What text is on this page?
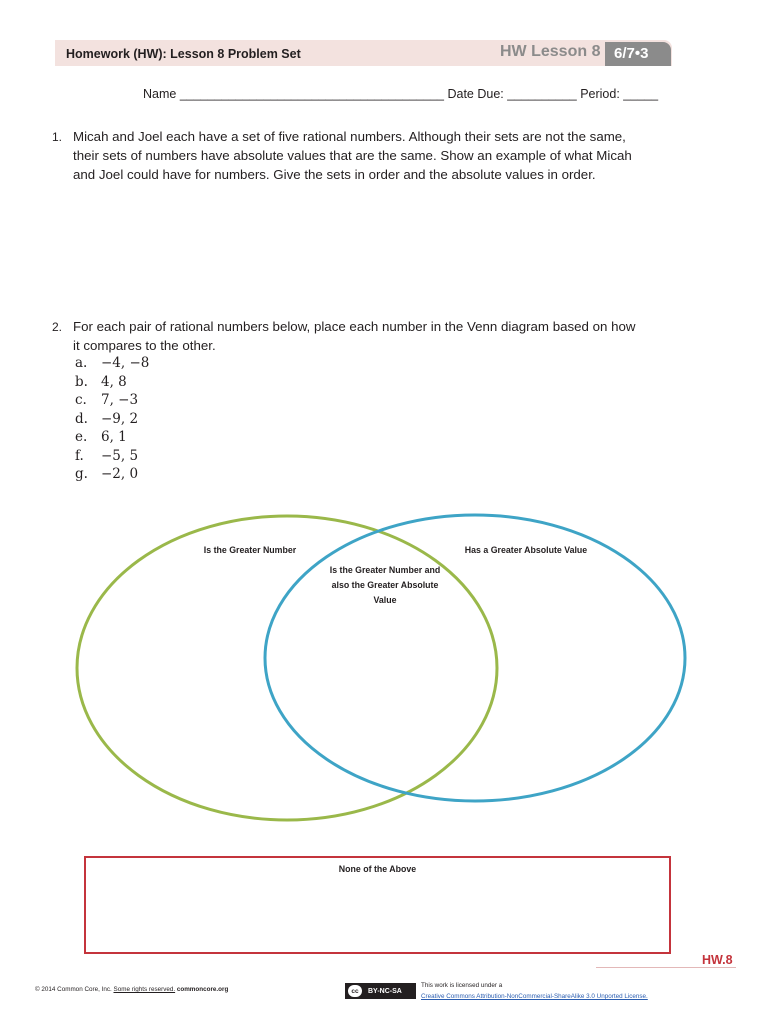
Homework (HW): Lesson 8 Problem Set	HW Lesson 8 6/7•3
Name ______________________________________ Date Due: __________ Period: _____
1. Micah and Joel each have a set of five rational numbers. Although their sets are not the same,
their sets of numbers have absolute values that are the same. Show an example of what Micah
and Joel could have for numbers. Give the sets in order and the absolute values in order.
2. For each pair of rational numbers below, place each number in the Venn diagram based on how
it compares to the other.
a.	−4, −8
b. 4, 8
c.	7, −3
d. −9, 2
e.	6, 1
f.	−5, 5
g. −2, 0
Is the Greater Number	Has a Greater Absolute Value
Is the Greater Number and
also the Greater Absolute
Value
None of the Above
HW.8
© 2014 Common Core, Inc. Some rights reserved. commoncore.org	cc	BY-NC-SA
This work is licensed under a
Creative Commons Attribution-NonCommercial-ShareAlike 3.0 Unported License.
